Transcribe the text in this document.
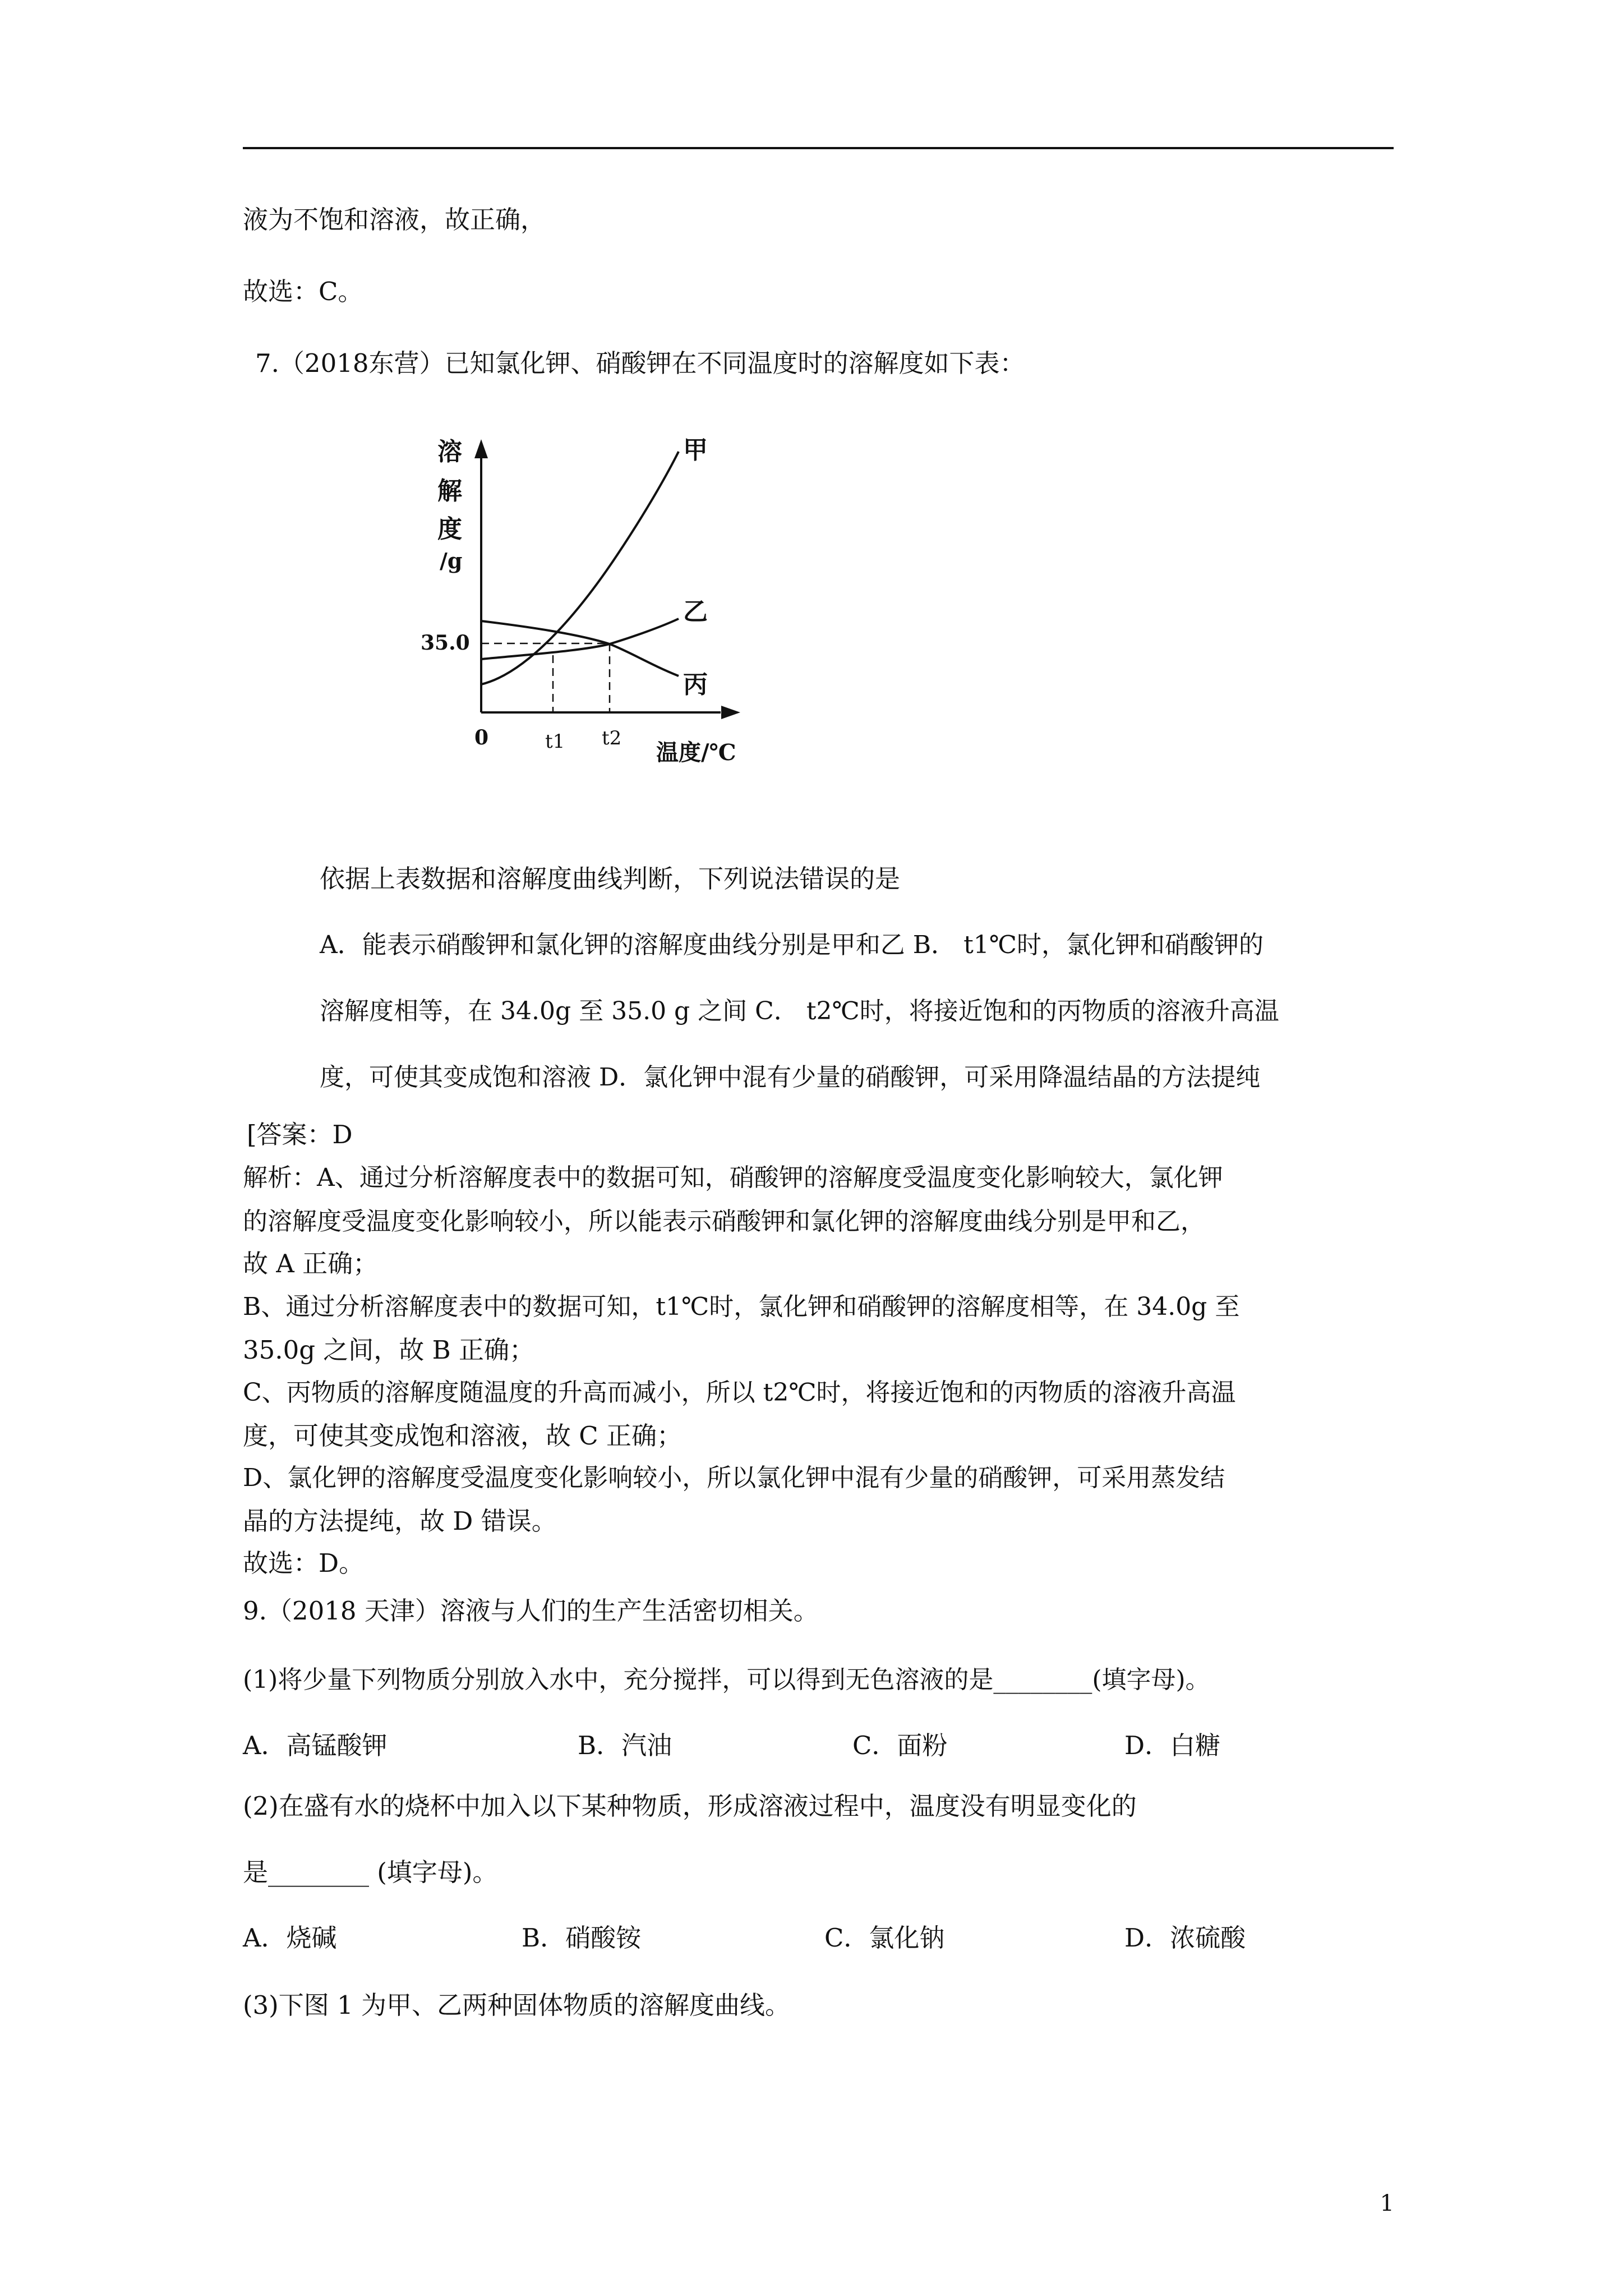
液为不饱和溶液，故正确，
故选：C。
7.（2018东营）已知氯化钾、硝酸钾在不同温度时的溶解度如下表：
溶
解
度
/g
35.0
甲
乙
丙
0	t1 t2
温度/℃
依据上表数据和溶解度曲线判断，下列说法错误的是
A．能表示硝酸钾和氯化钾的溶解度曲线分别是甲和乙 B． t1℃时，氯化钾和硝酸钾的
溶解度相等，在 34.0g 至 35.0 g 之间 C． t2℃时，将接近饱和的丙物质的溶液升高温
度，可使其变成饱和溶液 D．氯化钾中混有少量的硝酸钾，可采用降温结晶的方法提纯
[答案：D
解析：A、通过分析溶解度表中的数据可知，硝酸钾的溶解度受温度变化影响较大，氯化钾
的溶解度受温度变化影响较小，所以能表示硝酸钾和氯化钾的溶解度曲线分别是甲和乙，
故 A 正确；
B、通过分析溶解度表中的数据可知，t1℃时，氯化钾和硝酸钾的溶解度相等，在 34.0g 至
35.0g 之间，故 B 正确；
C、丙物质的溶解度随温度的升高而减小，所以 t2℃时，将接近饱和的丙物质的溶液升高温
度，可使其变成饱和溶液，故 C 正确；
D、氯化钾的溶解度受温度变化影响较小，所以氯化钾中混有少量的硝酸钾，可采用蒸发结
晶的方法提纯，故 D 错误。
故选：D。
9.（2018 天津）溶液与人们的生产生活密切相关。
(1)将少量下列物质分别放入水中，充分搅拌，可以得到无色溶液的是________(填字母)。
A．高锰酸钾	B．汽油	C．面粉	D．白糖
(2)在盛有水的烧杯中加入以下某种物质，形成溶液过程中，温度没有明显变化的
是________ (填字母)。
A．烧碱	B．硝酸铵	C．氯化钠	D．浓硫酸
(3)下图 1 为甲、乙两种固体物质的溶解度曲线。
1
